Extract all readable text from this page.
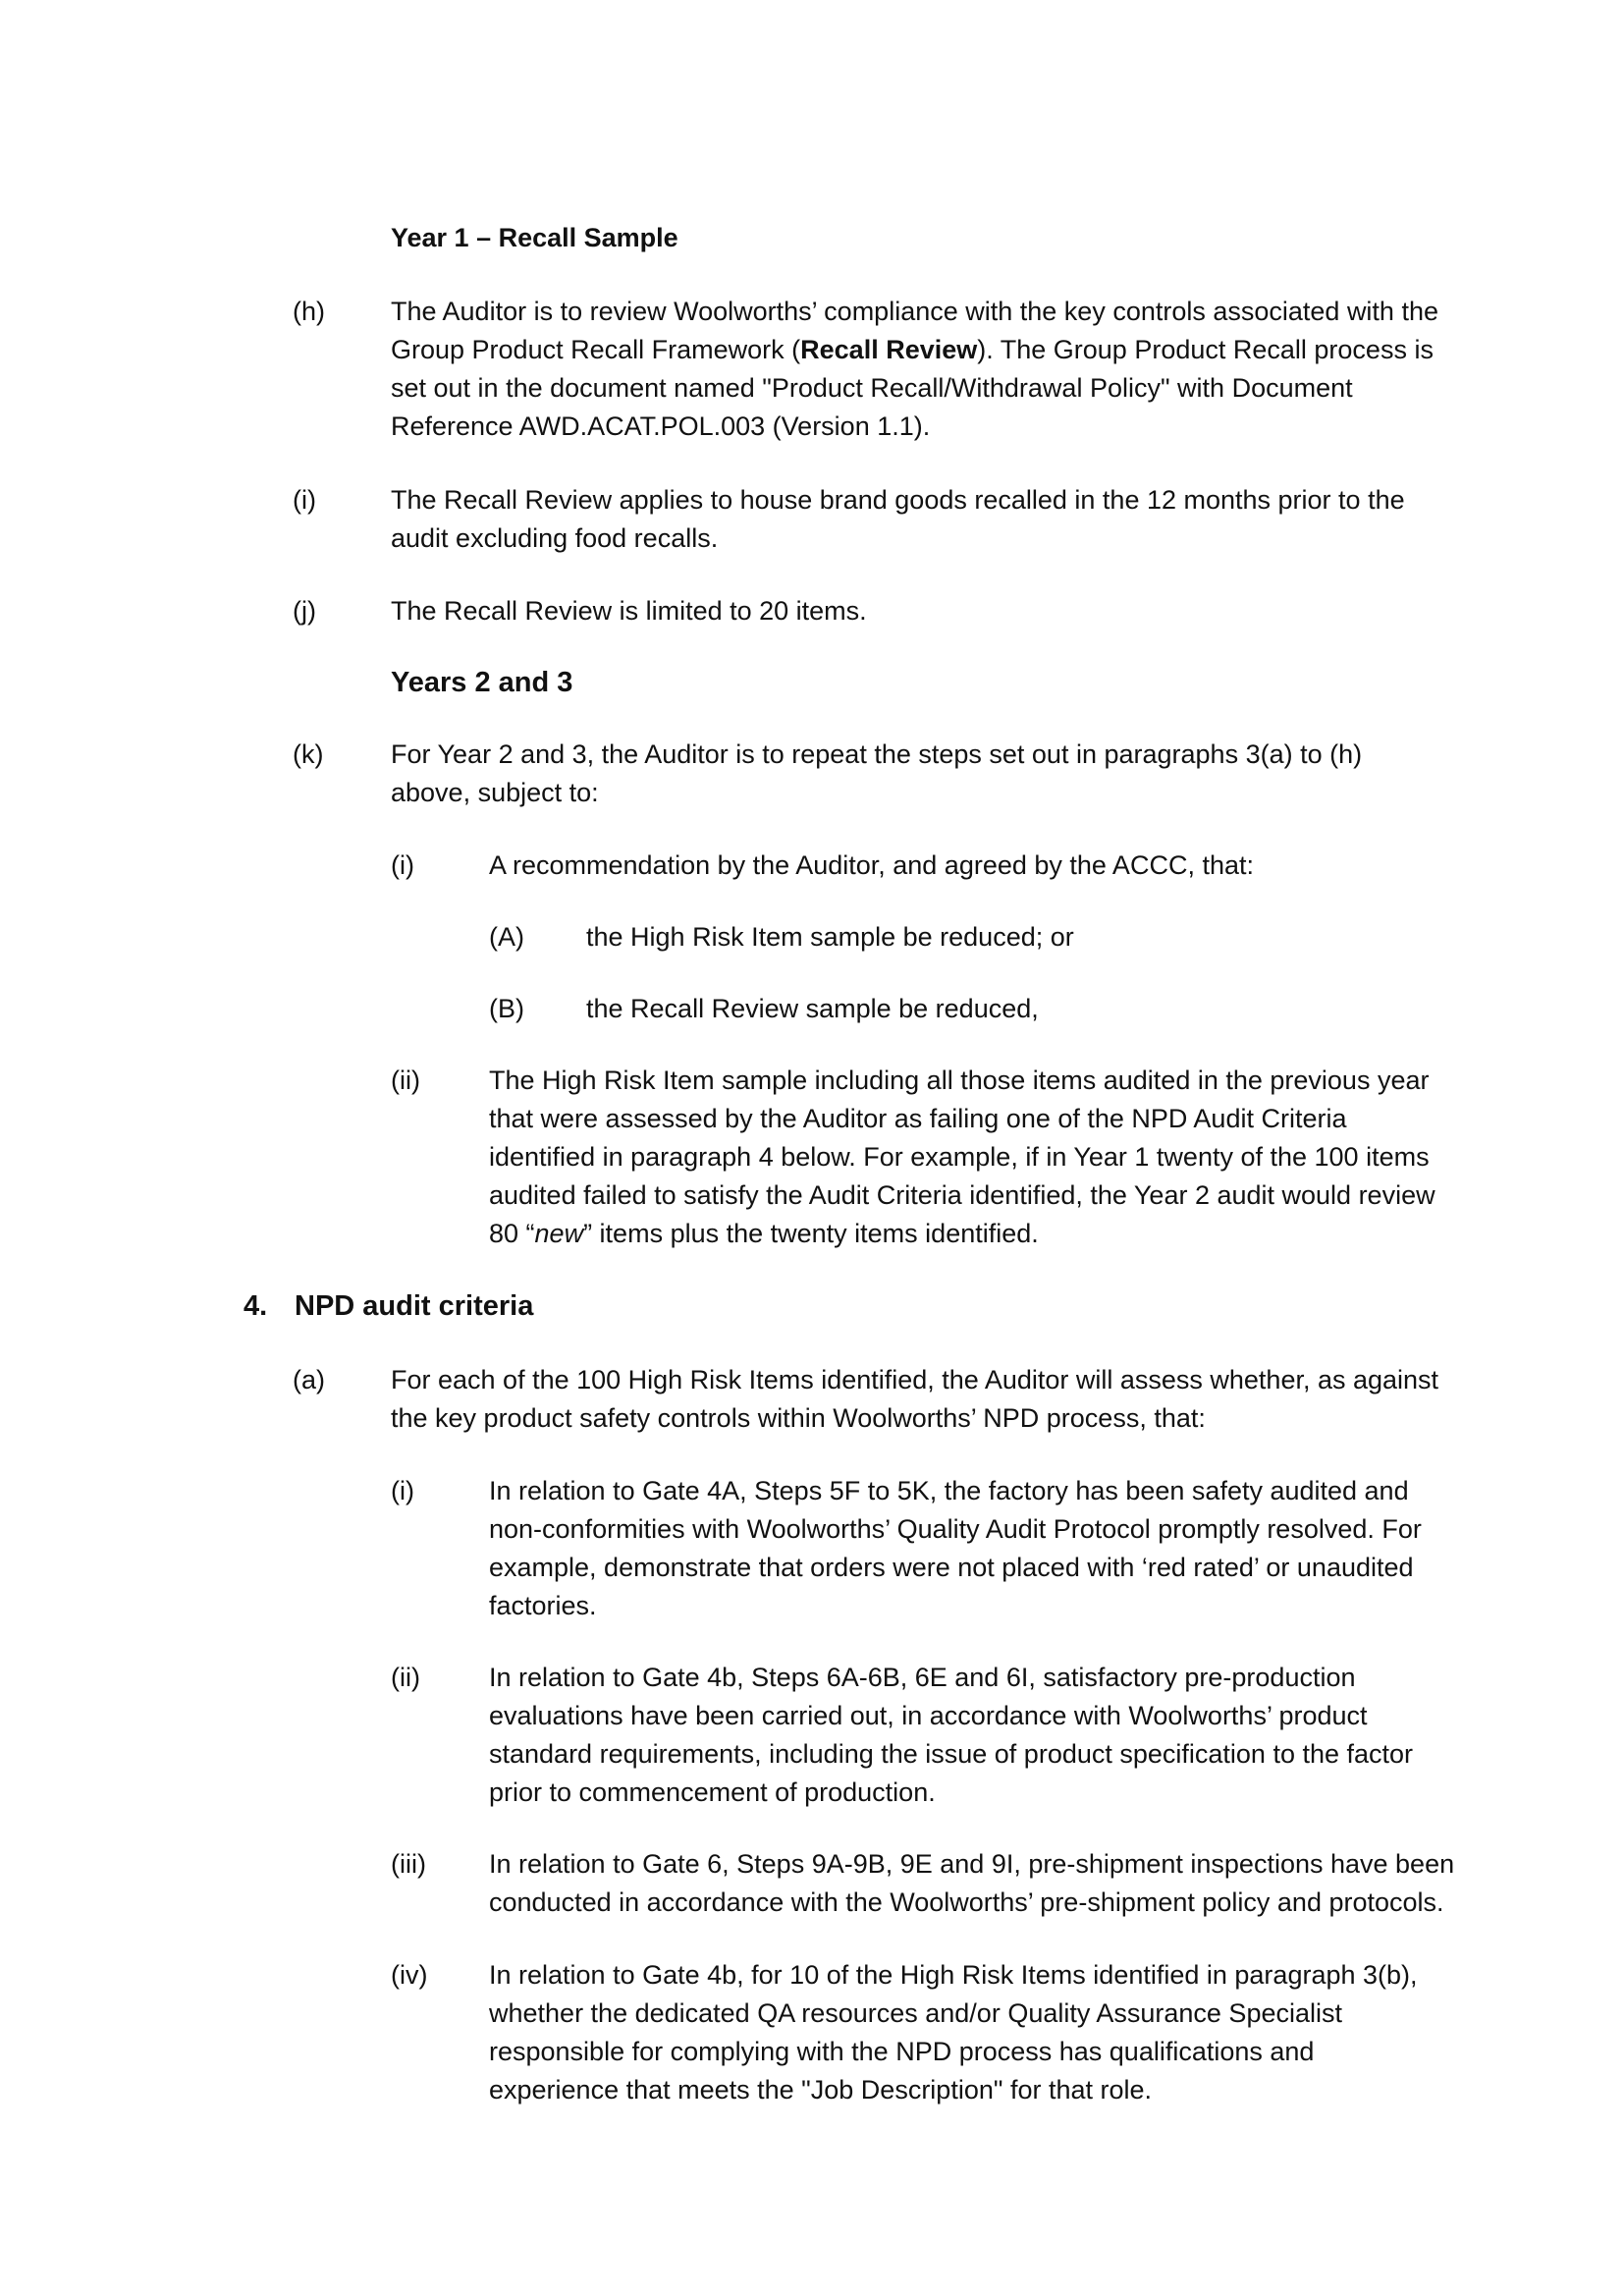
Year 1 – Recall Sample

(h) The Auditor is to review Woolworths’ compliance with the key controls associated with the
Group Product Recall Framework (Recall Review). The Group Product Recall process is
set out in the document named "Product Recall/Withdrawal Policy" with Document
Reference AWD.ACAT.POL.003 (Version 1.1).

(i)	The Recall Review applies to house brand goods recalled in the 12 months prior to the
audit excluding food recalls.

(j)	The Recall Review is limited to 20 items.

Years 2 and 3

(k)	For Year 2 and 3, the Auditor is to repeat the steps set out in paragraphs 3(a) to (h)
above, subject to:

(i)	A recommendation by the Auditor, and agreed by the ACCC, that:

(A) the High Risk Item sample be reduced; or

(B) the Recall Review sample be reduced,

(ii)	The High Risk Item sample including all those items audited in the previous year
that were assessed by the Auditor as failing one of the NPD Audit Criteria
identified in paragraph 4 below. For example, if in Year 1 twenty of the 100 items
audited failed to satisfy the Audit Criteria identified, the Year 2 audit would review
80 “new” items plus the twenty items identified.

4. NPD audit criteria

(a) For each of the 100 High Risk Items identified, the Auditor will assess whether, as against
the key product safety controls within Woolworths’ NPD process, that:

(i)	In relation to Gate 4A, Steps 5F to 5K, the factory has been safety audited and
non-conformities with Woolworths’ Quality Audit Protocol promptly resolved. For
example, demonstrate that orders were not placed with ‘red rated’ or unaudited
factories.

(ii)	In relation to Gate 4b, Steps 6A-6B, 6E and 6I, satisfactory pre-production
evaluations have been carried out, in accordance with Woolworths’ product
standard requirements, including the issue of product specification to the factor
prior to commencement of production.

(iii) In relation to Gate 6, Steps 9A-9B, 9E and 9I, pre-shipment inspections have been
conducted in accordance with the Woolworths’ pre-shipment policy and protocols.

(iv) In relation to Gate 4b, for 10 of the High Risk Items identified in paragraph 3(b),
whether the dedicated QA resources and/or Quality Assurance Specialist
responsible for complying with the NPD process has qualifications and
experience that meets the "Job Description" for that role.
